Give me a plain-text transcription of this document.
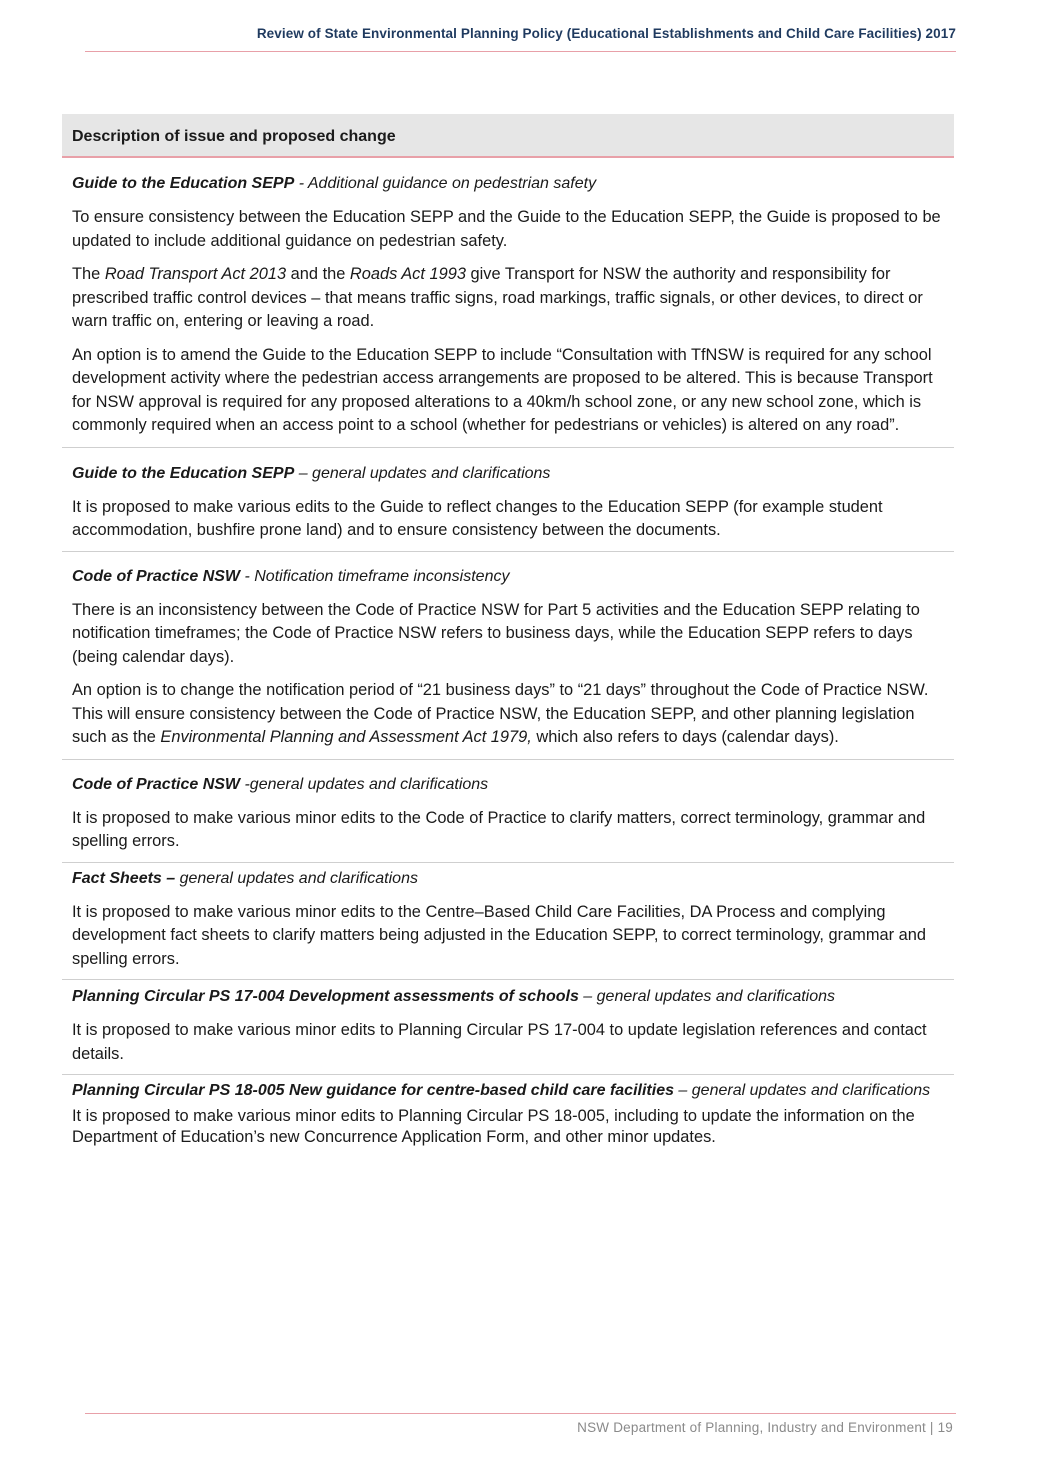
Review of State Environmental Planning Policy (Educational Establishments and Child Care Facilities) 2017
Description of issue and proposed change

Guide to the Education SEPP - Additional guidance on pedestrian safety

To ensure consistency between the Education SEPP and the Guide to the Education SEPP, the Guide is proposed to be updated to include additional guidance on pedestrian safety.

The Road Transport Act 2013 and the Roads Act 1993 give Transport for NSW the authority and responsibility for prescribed traffic control devices – that means traffic signs, road markings, traffic signals, or other devices, to direct or warn traffic on, entering or leaving a road.

An option is to amend the Guide to the Education SEPP to include “Consultation with TfNSW is required for any school development activity where the pedestrian access arrangements are proposed to be altered. This is because Transport for NSW approval is required for any proposed alterations to a 40km/h school zone, or any new school zone, which is commonly required when an access point to a school (whether for pedestrians or vehicles) is altered on any road”.

Guide to the Education SEPP – general updates and clarifications

It is proposed to make various edits to the Guide to reflect changes to the Education SEPP (for example student accommodation, bushfire prone land) and to ensure consistency between the documents.

Code of Practice NSW - Notification timeframe inconsistency

There is an inconsistency between the Code of Practice NSW for Part 5 activities and the Education SEPP relating to notification timeframes; the Code of Practice NSW refers to business days, while the Education SEPP refers to days (being calendar days).

An option is to change the notification period of “21 business days” to “21 days” throughout the Code of Practice NSW. This will ensure consistency between the Code of Practice NSW, the Education SEPP, and other planning legislation such as the Environmental Planning and Assessment Act 1979, which also refers to days (calendar days).

Code of Practice NSW -general updates and clarifications

It is proposed to make various minor edits to the Code of Practice to clarify matters, correct terminology, grammar and spelling errors.

Fact Sheets – general updates and clarifications

It is proposed to make various minor edits to the Centre–Based Child Care Facilities, DA Process and complying development fact sheets to clarify matters being adjusted in the Education SEPP, to correct terminology, grammar and spelling errors.

Planning Circular PS 17-004 Development assessments of schools – general updates and clarifications

It is proposed to make various minor edits to Planning Circular PS 17-004 to update legislation references and contact details.

Planning Circular PS 18-005 New guidance for centre-based child care facilities – general updates and clarifications

It is proposed to make various minor edits to Planning Circular PS 18-005, including to update the information on the Department of Education’s new Concurrence Application Form, and other minor updates.

NSW Department of Planning, Industry and Environment | 19
